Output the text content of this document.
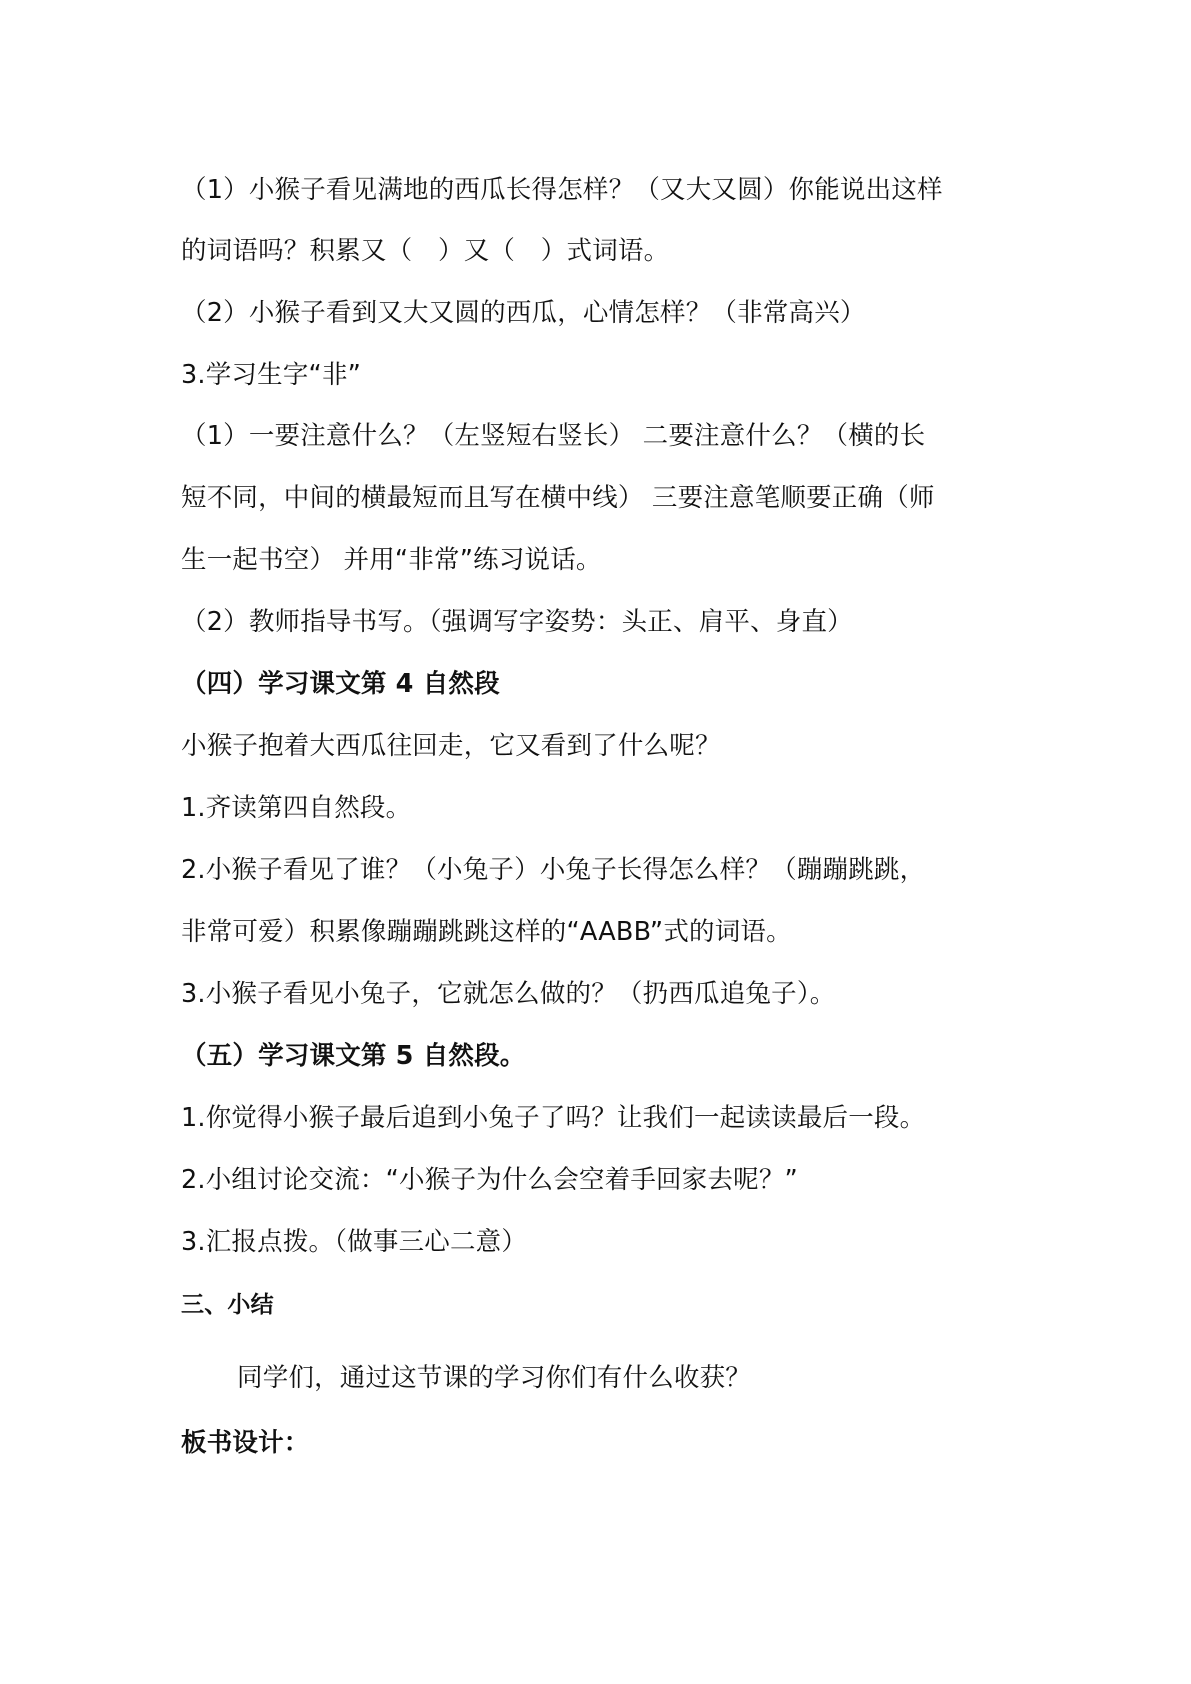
（1）小猴子看见满地的西瓜长得怎样？（又大又圆）你能说出这样
的词语吗？积累又（　）又（　）式词语。
（2）小猴子看到又大又圆的西瓜，心情怎样？（非常高兴）
3.学习生字“非”
（1）一要注意什么？（左竖短右竖长） 二要注意什么？（横的长
短不同，中间的横最短而且写在横中线） 三要注意笔顺要正确（师
生一起书空） 并用“非常”练习说话。
（2）教师指导书写。（强调写字姿势：头正、肩平、身直）
（四）学习课文第 4 自然段
小猴子抱着大西瓜往回走，它又看到了什么呢？
1.齐读第四自然段。
2.小猴子看见了谁？（小兔子）小兔子长得怎么样？（蹦蹦跳跳，
非常可爱）积累像蹦蹦跳跳这样的“AABB”式的词语。
3.小猴子看见小兔子，它就怎么做的？（扔西瓜追兔子）。
（五）学习课文第 5 自然段。
1.你觉得小猴子最后追到小兔子了吗？让我们一起读读最后一段。
2.小组讨论交流：“小猴子为什么会空着手回家去呢？”
3.汇报点拨。（做事三心二意）
三、小结
同学们，通过这节课的学习你们有什么收获？
板书设计：
